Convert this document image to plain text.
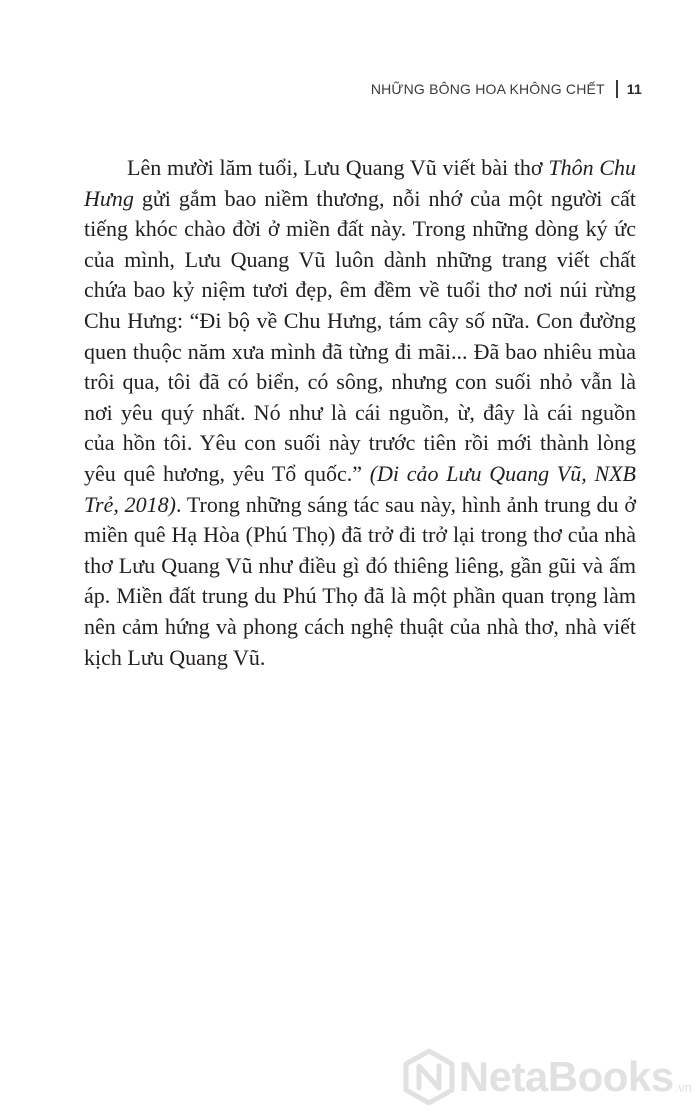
NHỮNG BÔNG HOA KHÔNG CHẾT 11

Lên mười lăm tuổi, Lưu Quang Vũ viết bài thơ Thôn Chu Hưng gửi gắm bao niềm thương, nỗi nhớ của một người cất tiếng khóc chào đời ở miền đất này. Trong những dòng ký ức của mình, Lưu Quang Vũ luôn dành những trang viết chất chứa bao kỷ niệm tươi đẹp, êm đềm về tuổi thơ nơi núi rừng Chu Hưng: “Đi bộ về Chu Hưng, tám cây số nữa. Con đường quen thuộc năm xưa mình đã từng đi mãi... Đã bao nhiêu mùa trôi qua, tôi đã có biển, có sông, nhưng con suối nhỏ vẫn là nơi yêu quý nhất. Nó như là cái nguồn, ừ, đây là cái nguồn của hồn tôi. Yêu con suối này trước tiên rồi mới thành lòng yêu quê hương, yêu Tổ quốc.” (Di cảo Lưu Quang Vũ, NXB Trẻ, 2018). Trong những sáng tác sau này, hình ảnh trung du ở miền quê Hạ Hòa (Phú Thọ) đã trở đi trở lại trong thơ của nhà thơ Lưu Quang Vũ như điều gì đó thiêng liêng, gần gũi và ấm áp. Miền đất trung du Phú Thọ đã là một phần quan trọng làm nên cảm hứng và phong cách nghệ thuật của nhà thơ, nhà viết kịch Lưu Quang Vũ.

NetaBooks .vn
